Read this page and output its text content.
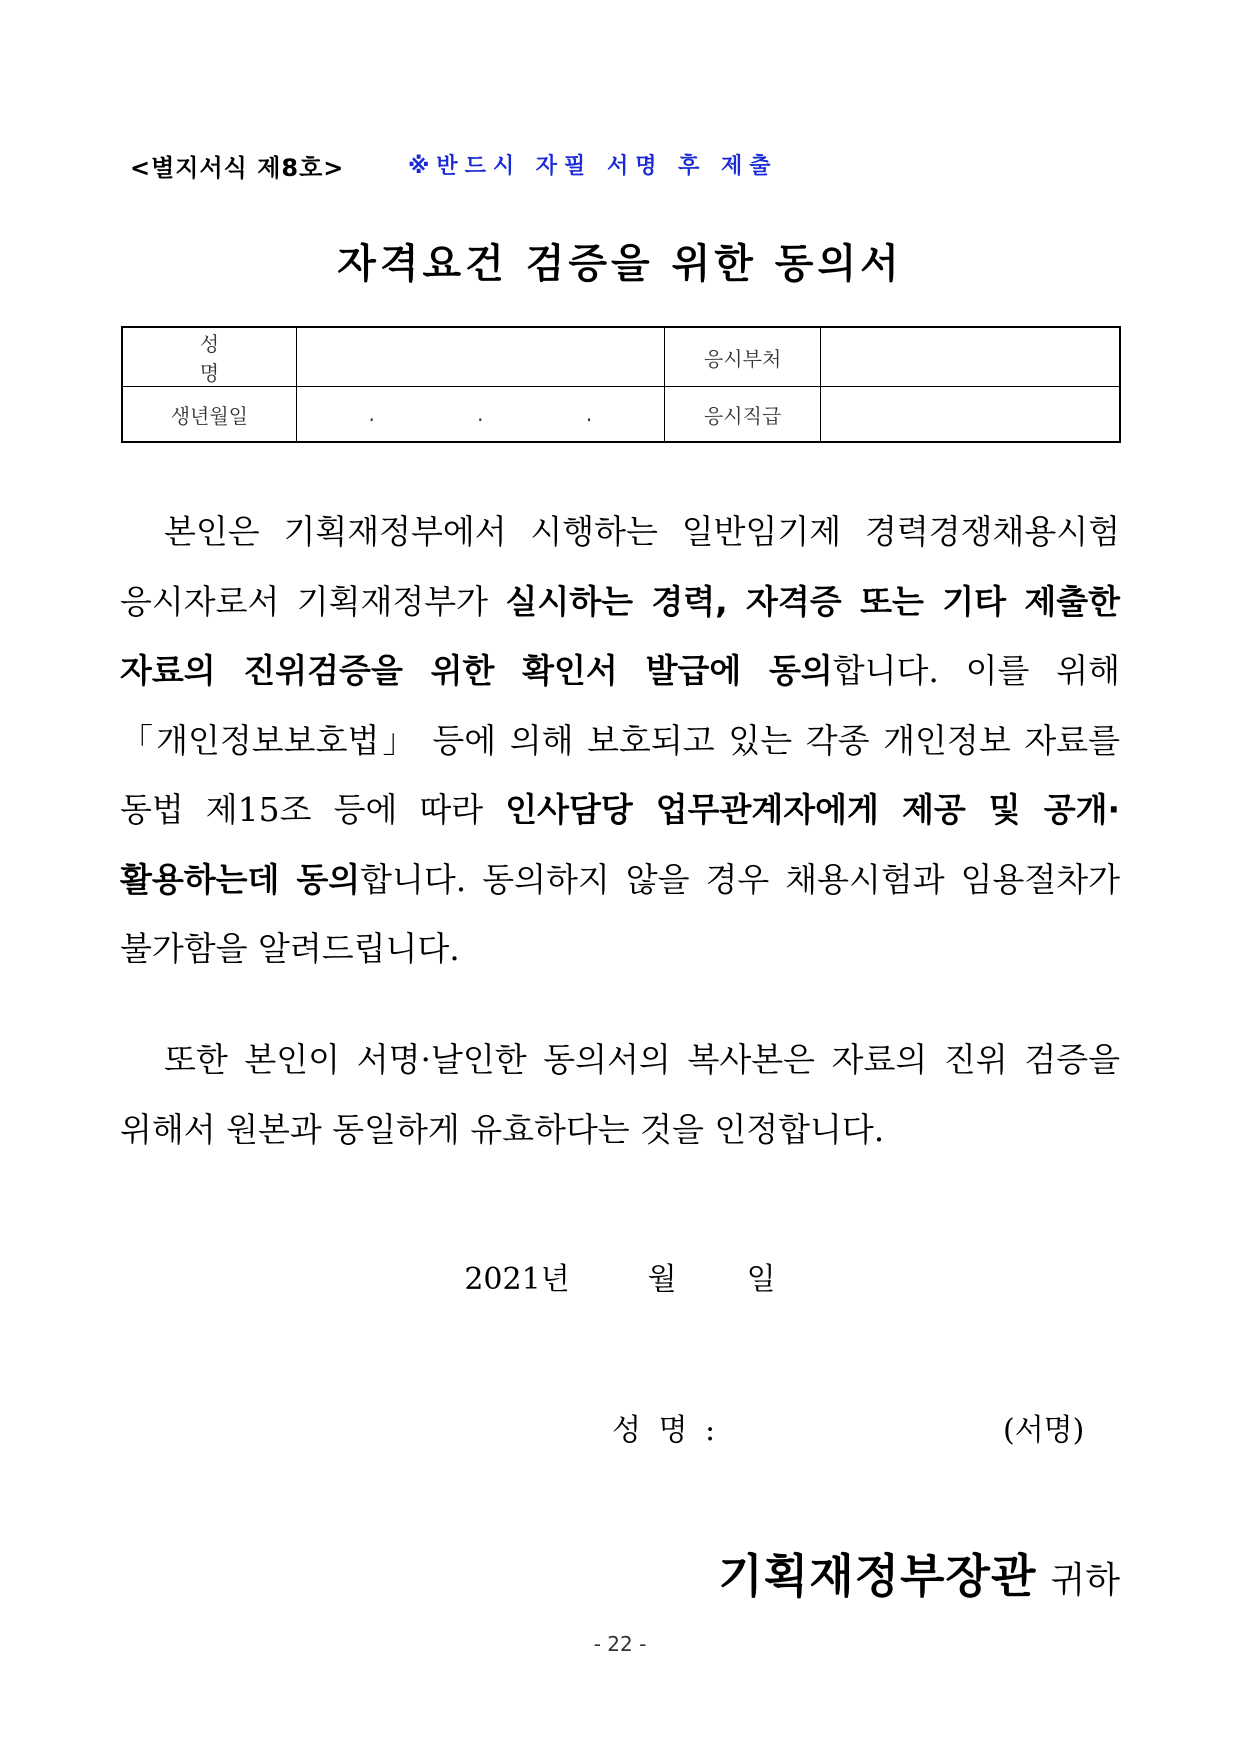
<별지서식 제8호>	※반드시 자필 서명 후 제출
자격요건 검증을 위한 동의서
성 명		응시부처	
생년월일	. . .	응시직급	
본인은 기획재정부에서 시행하는 일반임기제 경력경쟁채용시험 응시자로서 기획재정부가 실시하는 경력, 자격증 또는 기타 제출한 자료의 진위검증을 위한 확인서 발급에 동의합니다. 이를 위해 「개인정보보호법」 등에 의해 보호되고 있는 각종 개인정보 자료를 동법 제15조 등에 따라 인사담당 업무관계자에게 제공 및 공개·활용하는데 동의합니다. 동의하지 않을 경우 채용시험과 임용절차가 불가함을 알려드립니다.
또한 본인이 서명·날인한 동의서의 복사본은 자료의 진위 검증을 위해서 원본과 동일하게 유효하다는 것을 인정합니다.
2021년	월 일
성 명 :	(서명)
기획재정부장관 귀하
- 22 -
